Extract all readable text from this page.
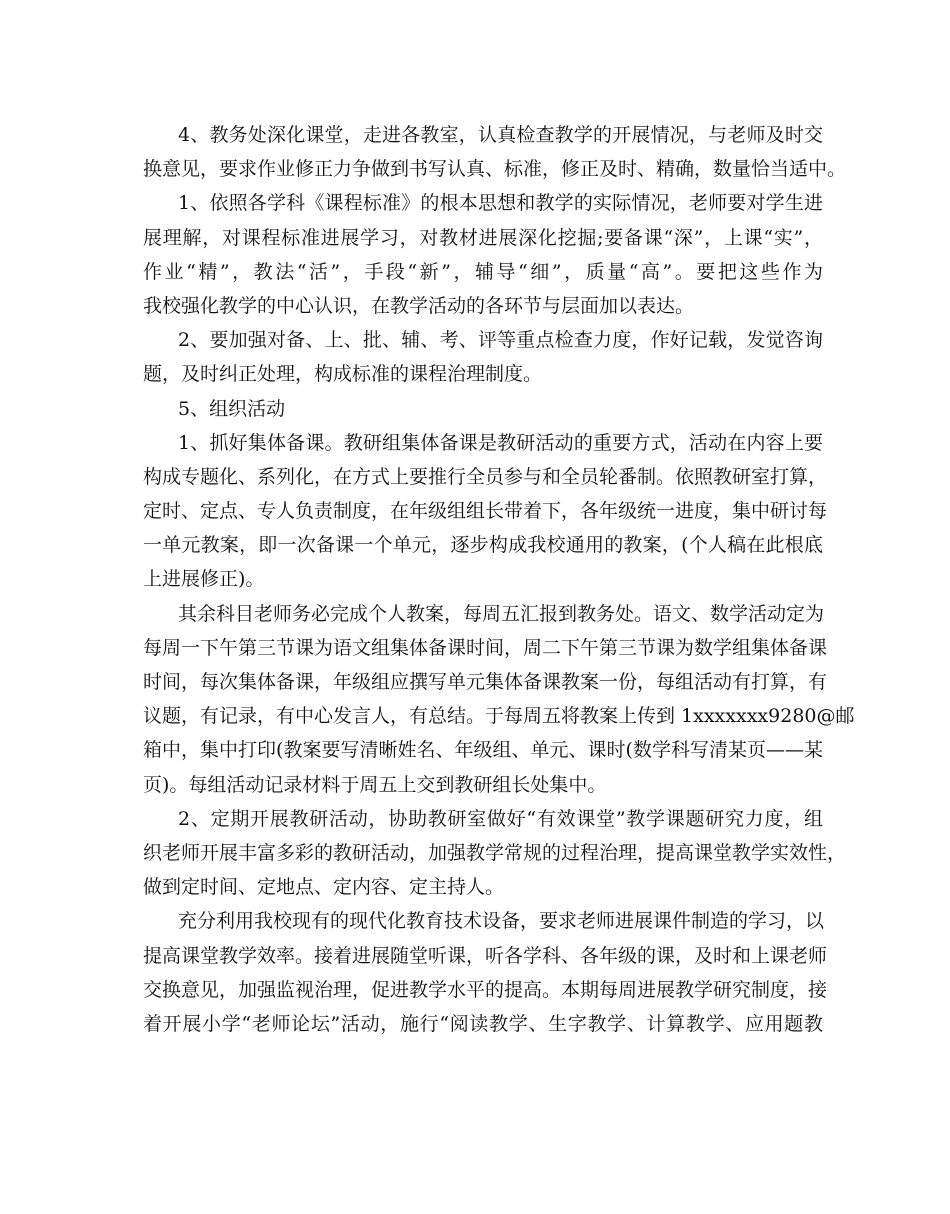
4、教务处深化课堂，走进各教室，认真检查教学的开展情况，与老师及时交
换意见，要求作业修正力争做到书写认真、标准，修正及时、精确，数量恰当适中。
1、依照各学科《课程标准》的根本思想和教学的实际情况，老师要对学生进
展理解，对课程标准进展学习，对教材进展深化挖掘;要备课“深”，上课“实”，
作业“精”，教法“活”，手段“新”，辅导“细”，质量“高”。要把这些作为
我校强化教学的中心认识，在教学活动的各环节与层面加以表达。
2、要加强对备、上、批、辅、考、评等重点检查力度，作好记载，发觉咨询
题，及时纠正处理，构成标准的课程治理制度。
5、组织活动
1、抓好集体备课。教研组集体备课是教研活动的重要方式，活动在内容上要
构成专题化、系列化，在方式上要推行全员参与和全员轮番制。依照教研室打算，
定时、定点、专人负责制度，在年级组组长带着下，各年级统一进度，集中研讨每
一单元教案，即一次备课一个单元，逐步构成我校通用的教案，(个人稿在此根底
上进展修正)。
其余科目老师务必完成个人教案，每周五汇报到教务处。语文、数学活动定为
每周一下午第三节课为语文组集体备课时间，周二下午第三节课为数学组集体备课
时间，每次集体备课，年级组应撰写单元集体备课教案一份，每组活动有打算，有
议题，有记录，有中心发言人，有总结。于每周五将教案上传到 1xxxxxxx9280@邮
箱中，集中打印(教案要写清晰姓名、年级组、单元、课时(数学科写清某页——某
页)。每组活动记录材料于周五上交到教研组长处集中。
2、定期开展教研活动，协助教研室做好“有效课堂”教学课题研究力度，组
织老师开展丰富多彩的教研活动，加强教学常规的过程治理，提高课堂教学实效性，
做到定时间、定地点、定内容、定主持人。
充分利用我校现有的现代化教育技术设备，要求老师进展课件制造的学习，以
提高课堂教学效率。接着进展随堂听课，听各学科、各年级的课，及时和上课老师
交换意见，加强监视治理，促进教学水平的提高。本期每周进展教学研究制度，接
着开展小学“老师论坛”活动，施行“阅读教学、生字教学、计算教学、应用题教
